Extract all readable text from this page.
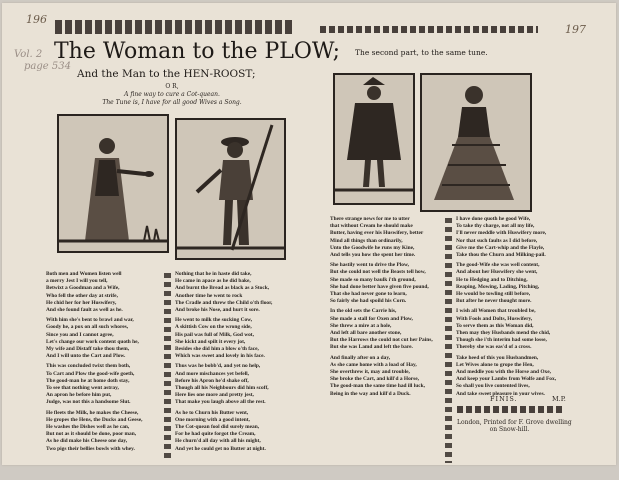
196
Vol. 2
page 534
The Woman to the PLOW;
And the Man to the HEN-ROOST;
O R,
A fine way to cure a Cot-quean.
The Tune is, I have for all good Wives a Song.

Both men and Women listen well
a merry Jest I will you tell,
Betwixt a Goodman and a Wife,
Who fell the other day at strife,
He chid her for her Huswifery,
And she found fault as well as he.

With him she's bent to brawl and war,
Goody he, a pox on all such whores,
Since you and I cannot agree,
Let's change our work content quoth he,
My wife and Distaff take thou them,
And I will unto the Cart and Plow.

This was concluded twixt them both,
To Cart and Plow the good-wife goeth,
The good-man he at home doth stay,
To see that nothing went astray,
An apron he before him put,
Judge, was not this a handsome Slut.

He fleets the Milk, he makes the Cheese,
He gropes the Hens, the Ducks and Geese,
He washes the Dishes well as he can,
But not as it should be done, poor man,
As he did make his Cheese one day,
Two pigs their bellies bowls with whey.

Nothing that he in haste did take,
He came in apace as he did bake,
And burnt the Bread as black as a Stock,
Another time he went to rock
The Cradle and threw the Child o'th floor,
And broke his Nose, and hurt it sore.

He went to milk the sucking Cow,
A skittish Cow on the wrong side,
His pail was full of Milk, God wot,
She kickt and spilt it every jot,
Besides she did him a blow o'th face,
Which was sweet and lovely in his face.

Thus was he bobb'd, and yet no help,
And more mischances yet befell,
Before his Apron he'd shake off,
Though all his Neighbours did him scoff,
Here lies one more and pretty jest,
That make you laugh above all the rest.

As he to Churn his Butter went,
One morning with a good intent,
The Cot-quean fool did surely mean,
For he had quite forgot the Cream,
He churn'd all day with all his might,
And yet he could get no Butter at night.

197
The second part, to the same tune.

There strange news for me to utter
that without Cream he should make
Butter, having ever his Huswifery, better
Mind all things than ordinarily,
Unto the Goodwife he runs my Kine,
And tells you how the spent her time.

She hastily went to drive the Plow,
But she could not well the Beasts tell how,
She made so many baulk i'th ground,
She had done better have given five pound,
That she had never gone to learn,
So fairly she had spoild his Corn.

In the old sets the Carrie his,
She made a stall for Oxen and Plow,
She threw a mire at a hole,
And left all bare another stone,
But the Harrows the could not cut her Pains,
But she was Lamd and left the bare.

And finally after on a day,
As she came home with a load of Hay,
She overthrew it, may and trouble,
She broke the Cart, and kill'd a Horse,
The good-man the same time had ill luck,
Being in the way and kill'd a Duck.

I have done quoth he good Wife,
To take thy charge, not all my life,
I'll never meddle with Huswifery more,
Nor that such faults as I did before,
Give me the Cart-whip and the Flayle,
Take thou the Churn and Milking-pail.

The good-Wife she was well content,
And about her Huswifery she went,
He to Hedging and to Ditching,
Reaping, Mowing, Lading, Pitching,
He would be towling still before,
But after he never thought more.

I wish all Women that troubled be,
With Fools and Dolts, Huswifery,
To serve them as this Woman did,
Then may they Husbands mend the chid,
Though she i'th interim had some losse,
Thereby she was eas'd of a cross.

Take heed of this you Husbandmen,
Let Wives alone to grope the Hen,
And meddle you with the Horse and Oxe,
And keep your Lambs from Wolfe and Fox,
So shall you live contented lives,
And take sweet pleasure in your wives.

FINIS.	M.P.
London, Printed for F. Grove dwelling
on Snow-hill.
